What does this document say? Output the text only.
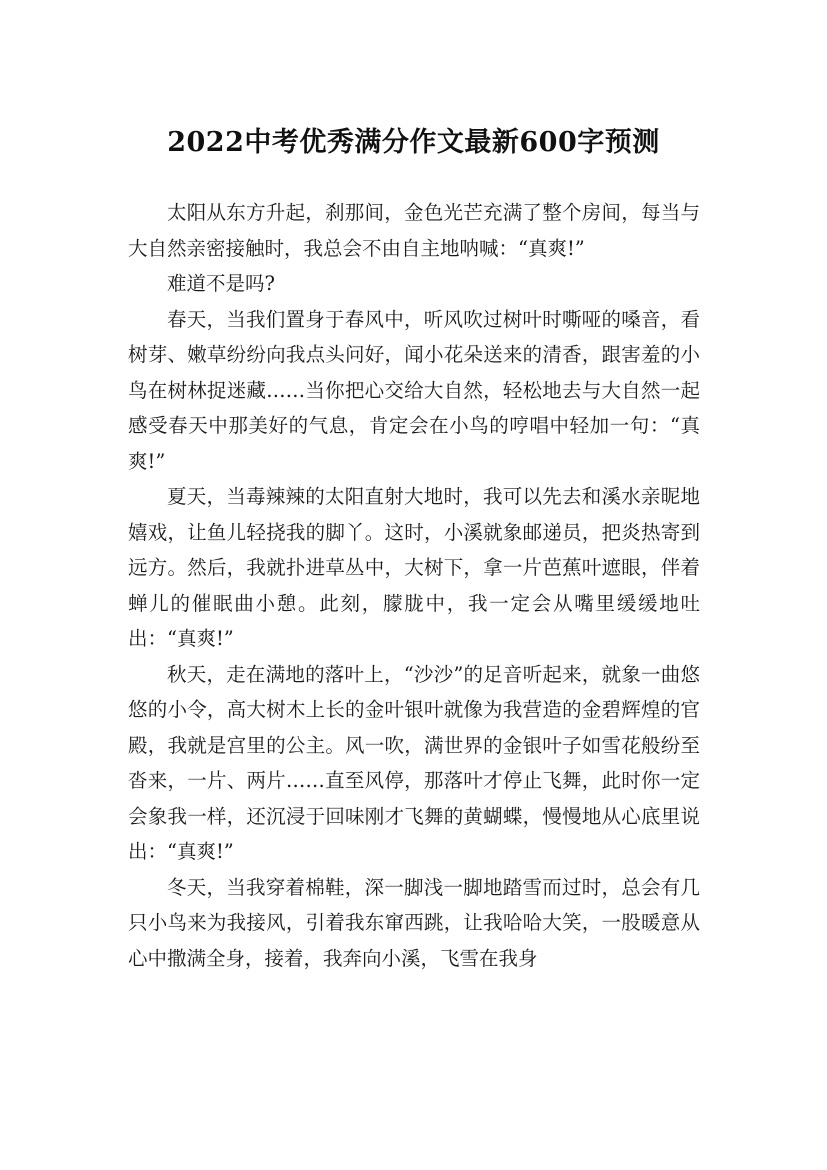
2022中考优秀满分作文最新600字预测

太阳从东方升起，刹那间，金色光芒充满了整个房间，每当与大自然亲密接触时，我总会不由自主地呐喊：“真爽!”

难道不是吗?

春天，当我们置身于春风中，听风吹过树叶时嘶哑的嗓音，看树芽、嫩草纷纷向我点头问好，闻小花朵送来的清香，跟害羞的小鸟在树林捉迷藏……当你把心交给大自然，轻松地去与大自然一起感受春天中那美好的气息，肯定会在小鸟的哼唱中轻加一句：“真爽!”

夏天，当毒辣辣的太阳直射大地时，我可以先去和溪水亲昵地嬉戏，让鱼儿轻挠我的脚丫。这时，小溪就象邮递员，把炎热寄到远方。然后，我就扑进草丛中，大树下，拿一片芭蕉叶遮眼，伴着蝉儿的催眠曲小憩。此刻，朦胧中，我一定会从嘴里缓缓地吐出：“真爽!”

秋天，走在满地的落叶上，“沙沙”的足音听起来，就象一曲悠悠的小令，高大树木上长的金叶银叶就像为我营造的金碧辉煌的官殿，我就是宫里的公主。风一吹，满世界的金银叶子如雪花般纷至沓来，一片、两片……直至风停，那落叶才停止飞舞，此时你一定会象我一样，还沉浸于回味刚才飞舞的黄蝴蝶，慢慢地从心底里说出：“真爽!”

冬天，当我穿着棉鞋，深一脚浅一脚地踏雪而过时，总会有几只小鸟来为我接风，引着我东窜西跳，让我哈哈大笑，一股暖意从心中撒满全身，接着，我奔向小溪，飞雪在我身
